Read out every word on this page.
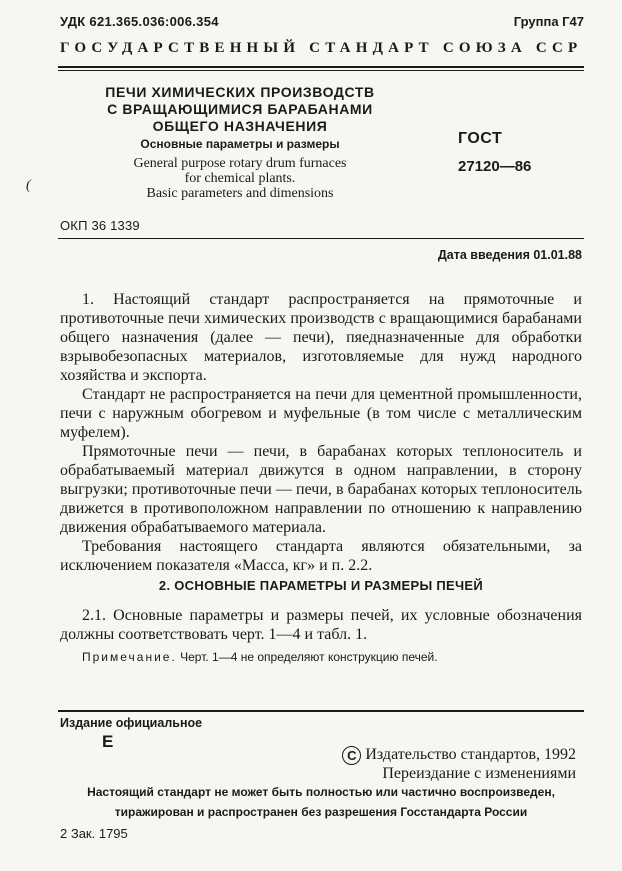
УДК 621.365.036:006.354	Группа Г47
ГОСУДАРСТВЕННЫЙ СТАНДАРТ СОЮЗА ССР
ПЕЧИ ХИМИЧЕСКИХ ПРОИЗВОДСТВ
С ВРАЩАЮЩИМИСЯ БАРАБАНАМИ
ОБЩЕГО НАЗНАЧЕНИЯ
Основные параметры и размеры
General purpose rotary drum furnaces
for chemical plants.
Basic parameters and dimensions
ГОСТ
27120—86
(
ОКП 36 1339
Дата введения 01.01.88

1. Настоящий стандарт распространяется на прямоточные и противоточные печи химических производств с вращающимися барабанами общего назначения (далее — печи), пяедназначенные для обработки взрывобезопасных материалов, изготовляемые для нужд народного хозяйства и экспорта.

Стандарт не распространяется на печи для цементной промышленности, печи с наружным обогревом и муфельные (в том числе с металлическим муфелем).

Прямоточные печи — печи, в барабанах которых теплоноситель и обрабатываемый материал движутся в одном направлении, в сторону выгрузки; противоточные печи — печи, в барабанах которых теплоноситель движется в противоположном направлении по отношению к направлению движения обрабатываемого материала.

Требования настоящего стандарта являются обязательными, за исключением показателя «Масса, кг» и п. 2.2.

2. ОСНОВНЫЕ ПАРАМЕТРЫ И РАЗМЕРЫ ПЕЧЕЙ

2.1. Основные параметры и размеры печей, их условные обозначения должны соответствовать черт. 1—4 и табл. 1.

Примечание. Черт. 1—4 не определяют конструкцию печей.
Издание официальное
Е
С Издательство стандартов, 1992
Переиздание с изменениями
Настоящий стандарт не может быть полностью или частично воспроизведен,
тиражирован и распространен без разрешения Госстандарта России
2 Зак. 1795
